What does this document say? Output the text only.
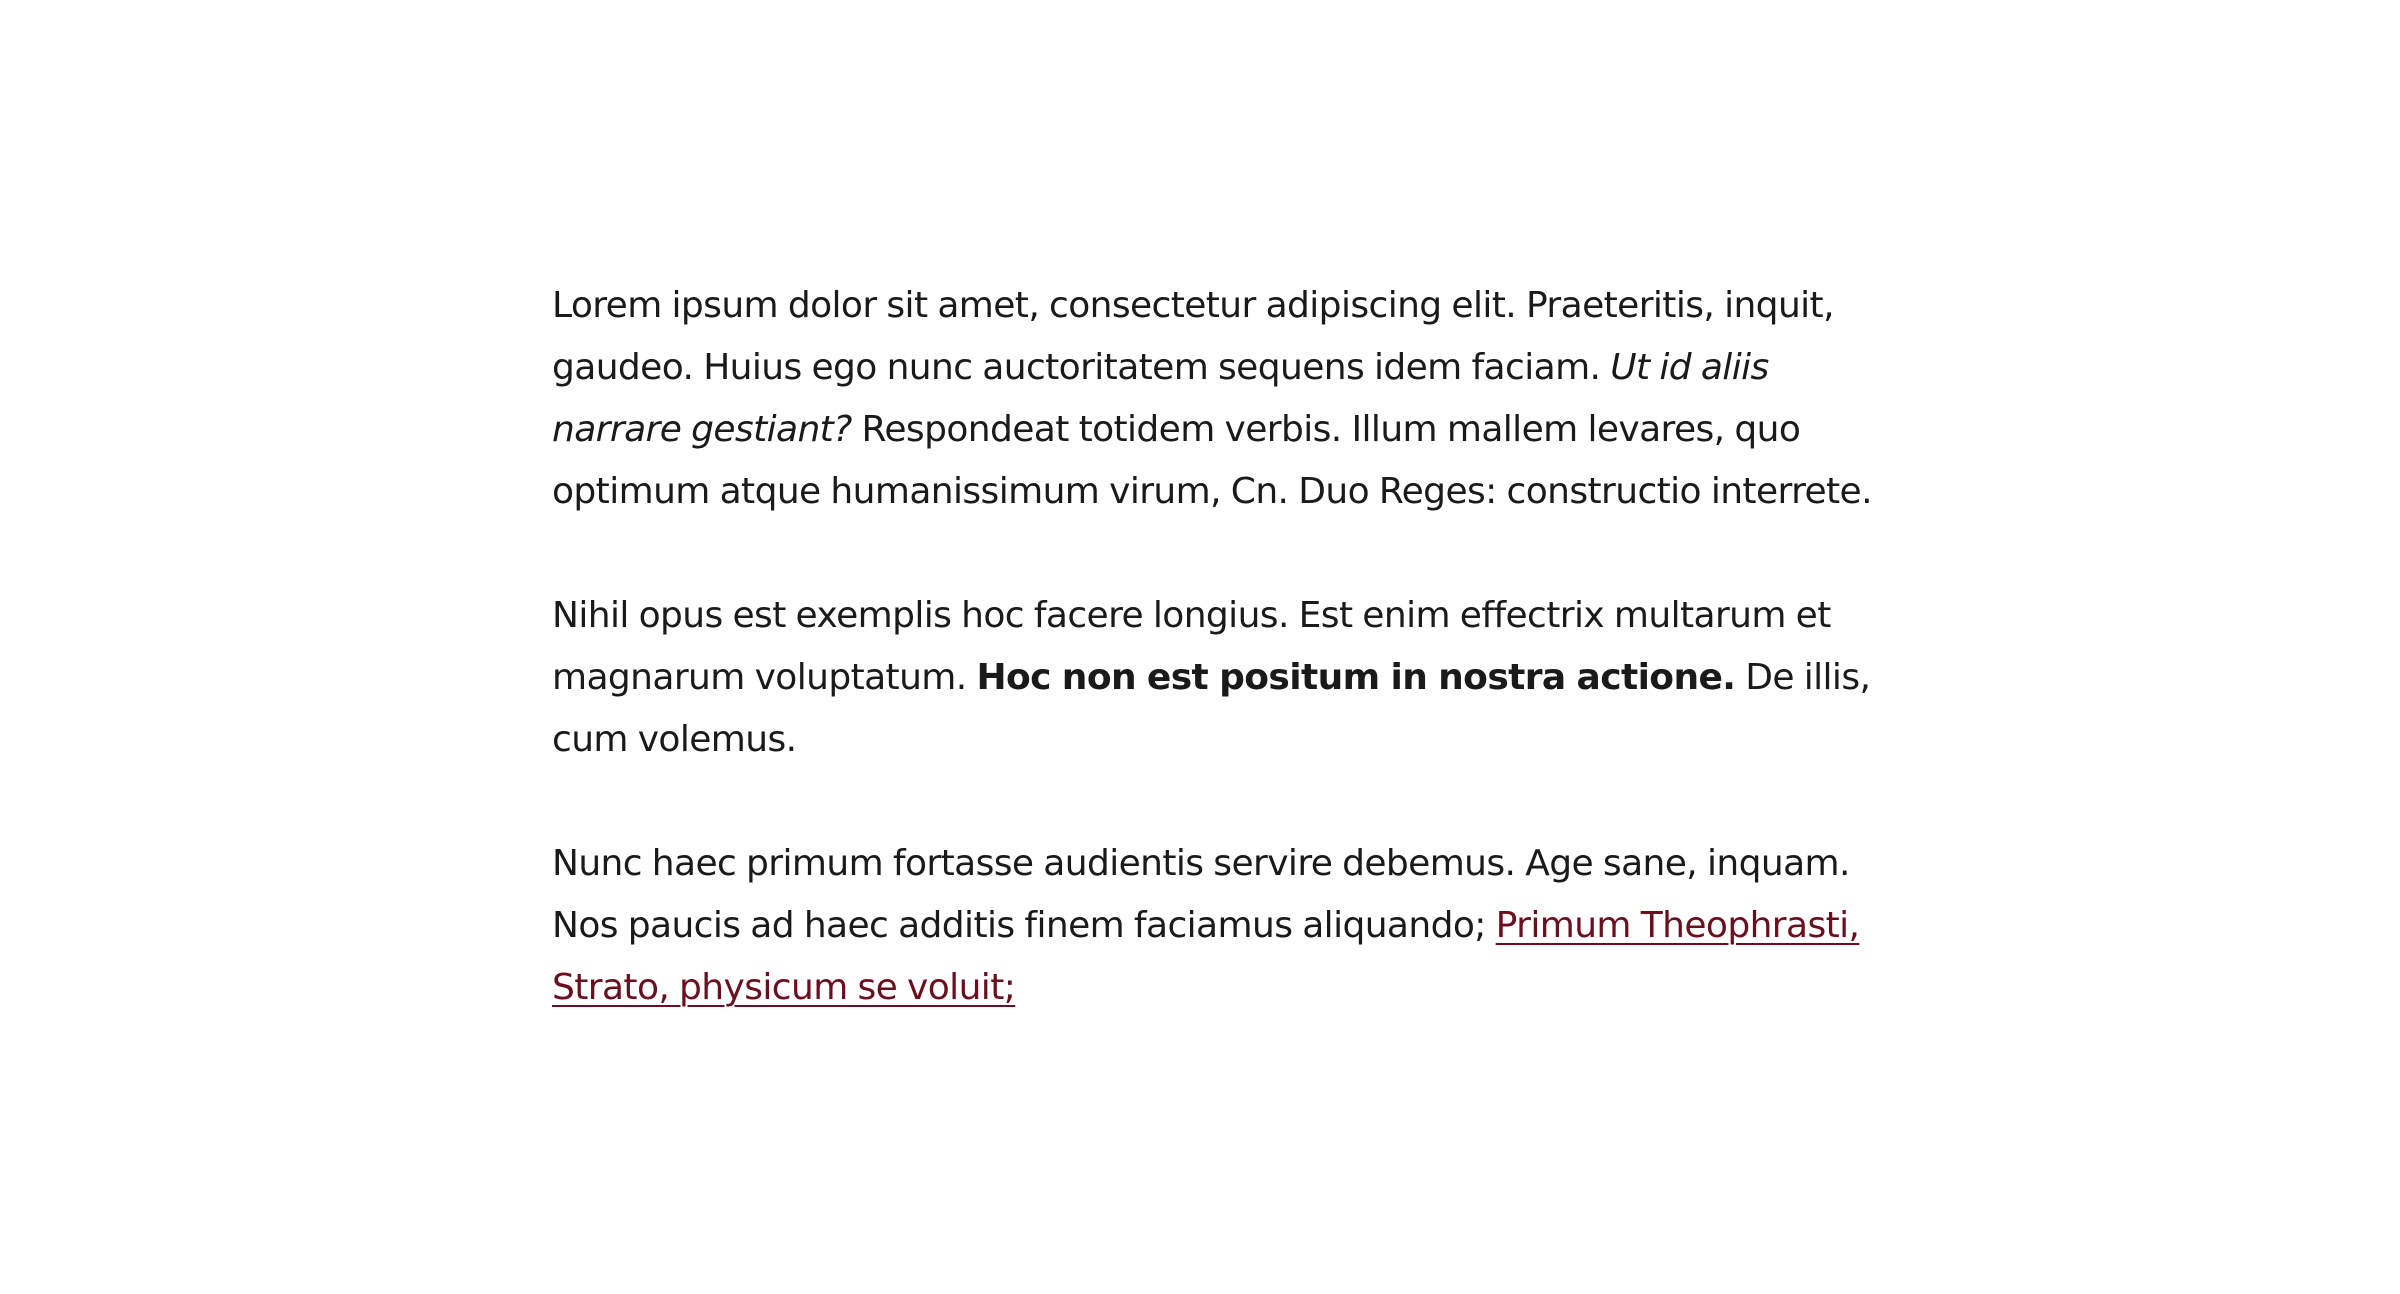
Lorem ipsum dolor sit amet, consectetur adipiscing elit. Praeteritis, inquit, gaudeo. Huius ego nunc auctoritatem sequens idem faciam. Ut id aliis narrare gestiant? Respondeat totidem verbis. Illum mallem levares, quo optimum atque humanissimum virum, Cn. Duo Reges: constructio interrete.

Nihil opus est exemplis hoc facere longius. Est enim effectrix multarum et magnarum voluptatum. Hoc non est positum in nostra actione. De illis, cum volemus.

Nunc haec primum fortasse audientis servire debemus. Age sane, inquam. Nos paucis ad haec additis finem faciamus aliquando; Primum Theophrasti, Strato, physicum se voluit;
